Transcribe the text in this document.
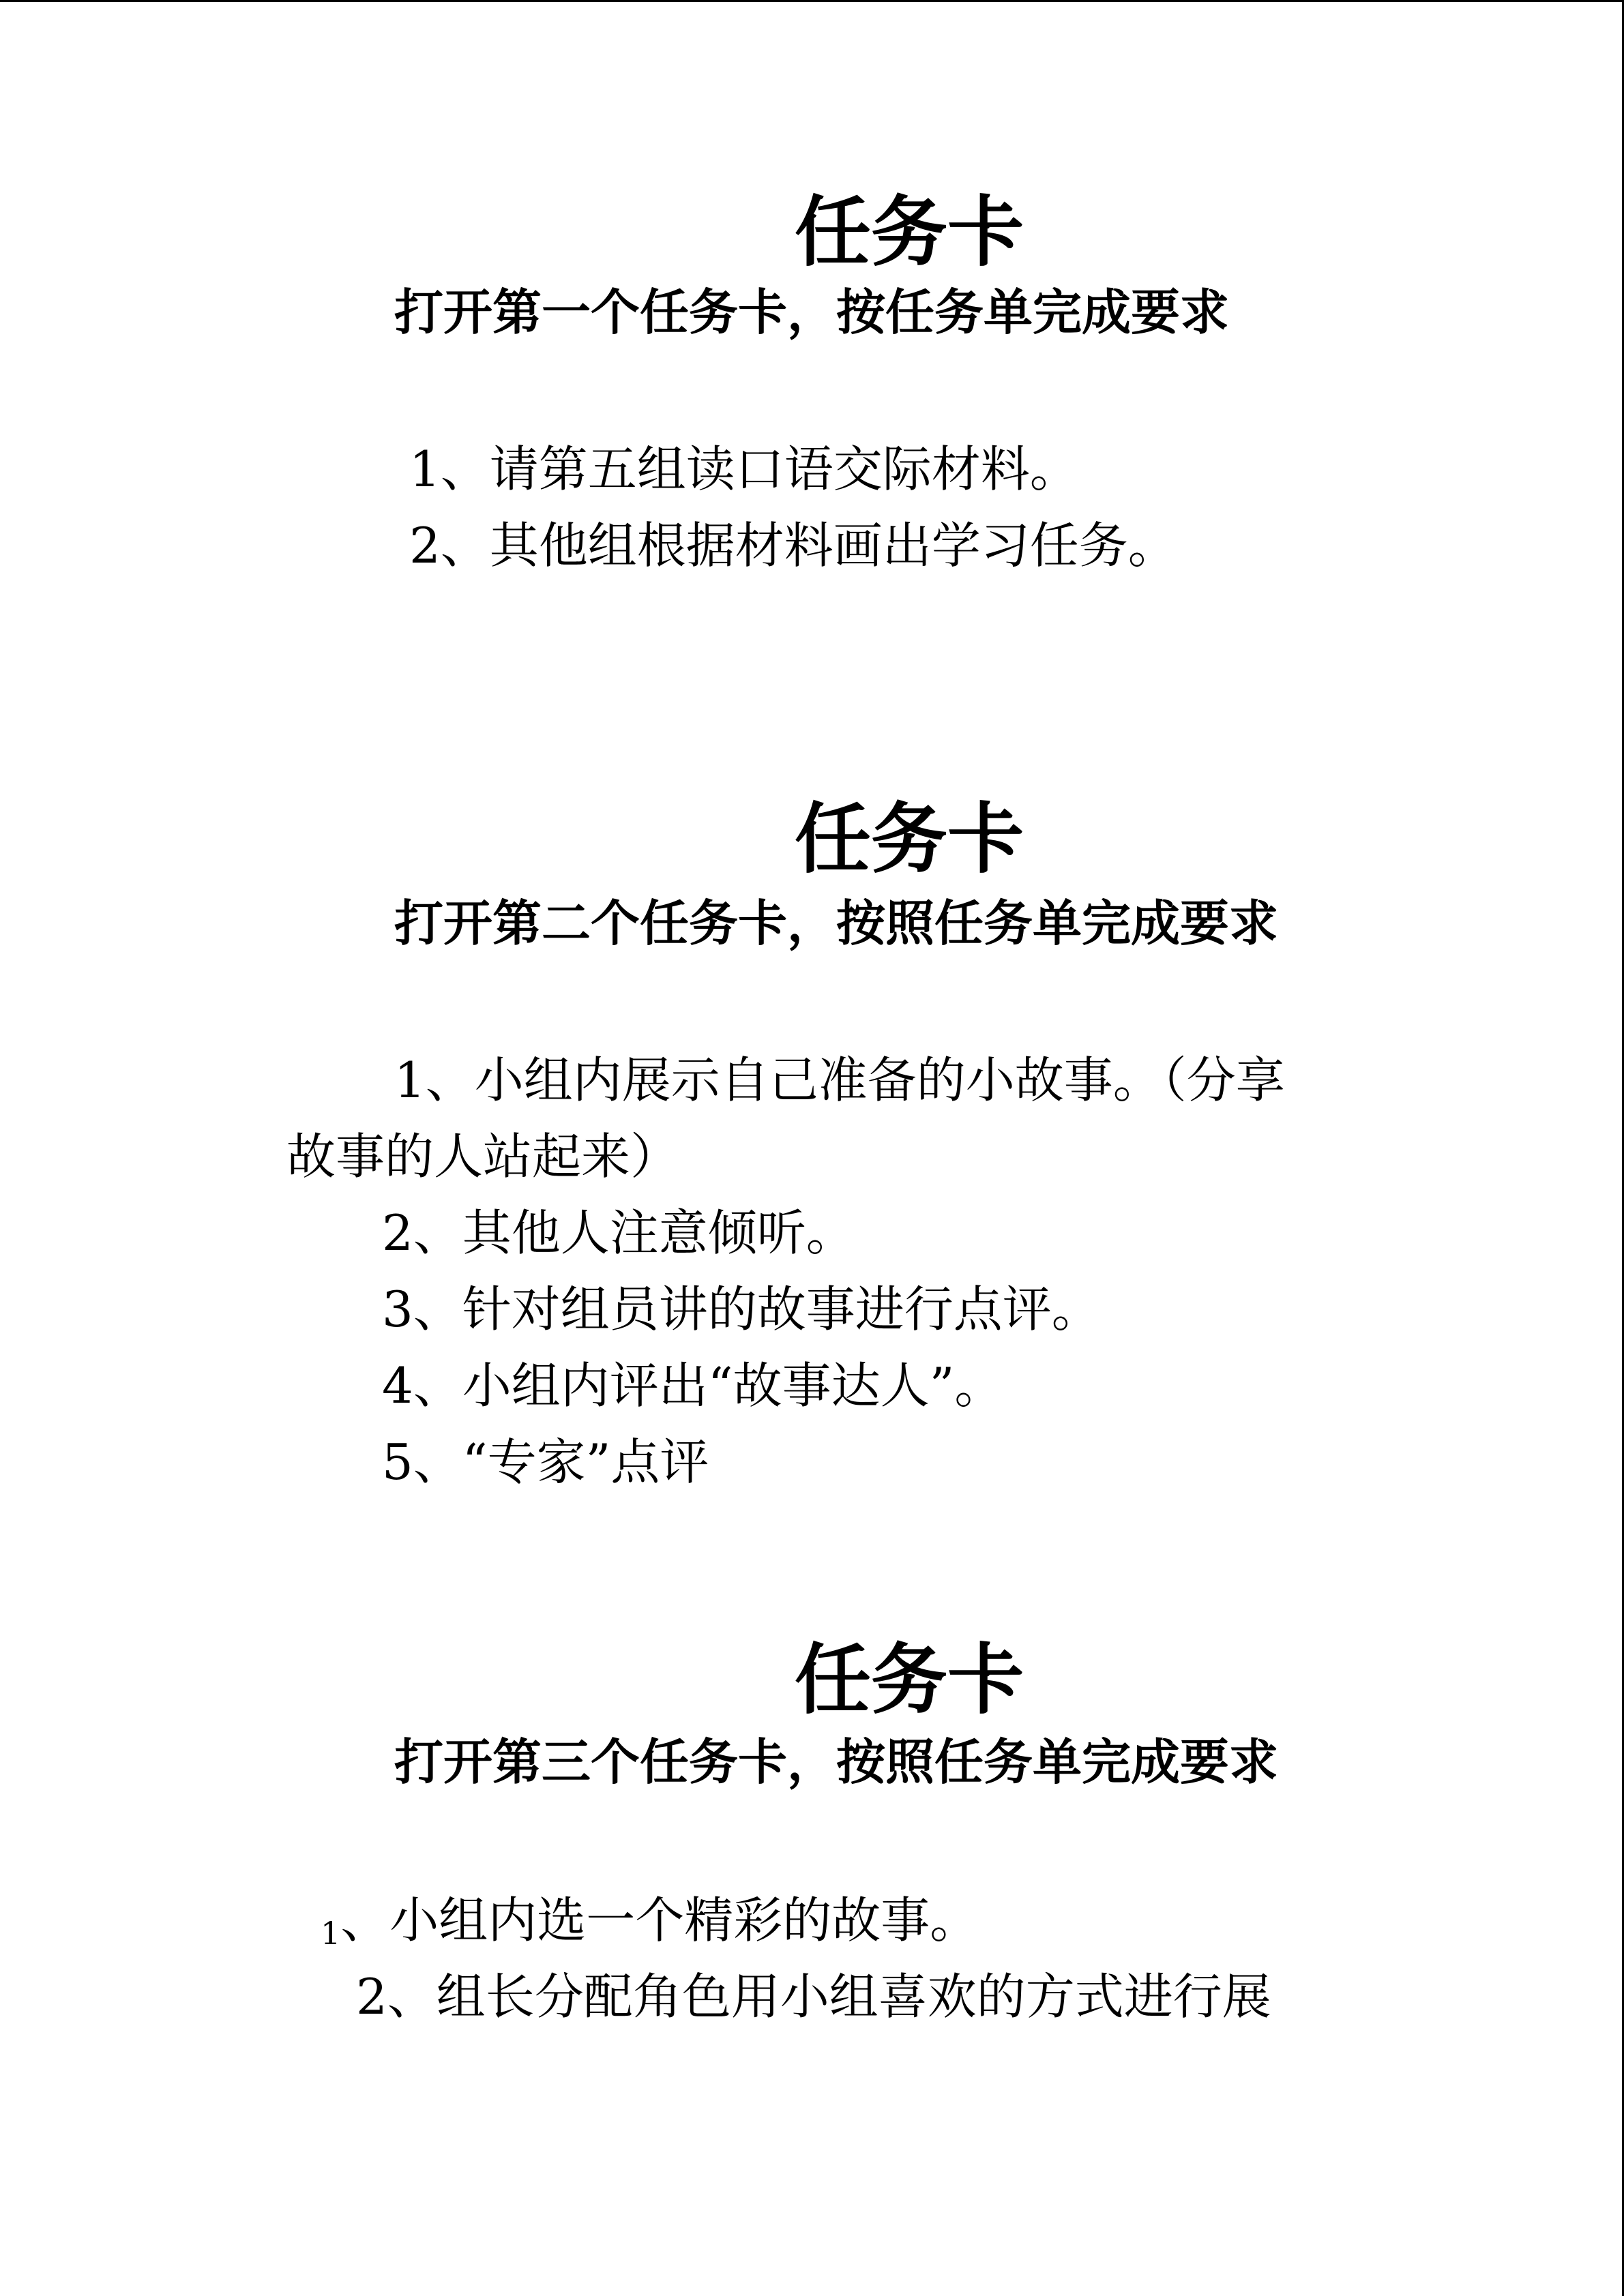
任务卡
打开第一个任务卡，按任务单完成要求
1、请第五组读口语交际材料。
2、其他组根据材料画出学习任务。
任务卡
打开第二个任务卡，按照任务单完成要求
1、小组内展示自己准备的小故事。（分享
故事的人站起来）
2、其他人注意倾听。
3、针对组员讲的故事进行点评。
4、小组内评出“故事达人”。
5、“专家”点评
任务卡
打开第三个任务卡，按照任务单完成要求
1、小组内选一个精彩的故事。
2、组长分配角色用小组喜欢的方式进行展
